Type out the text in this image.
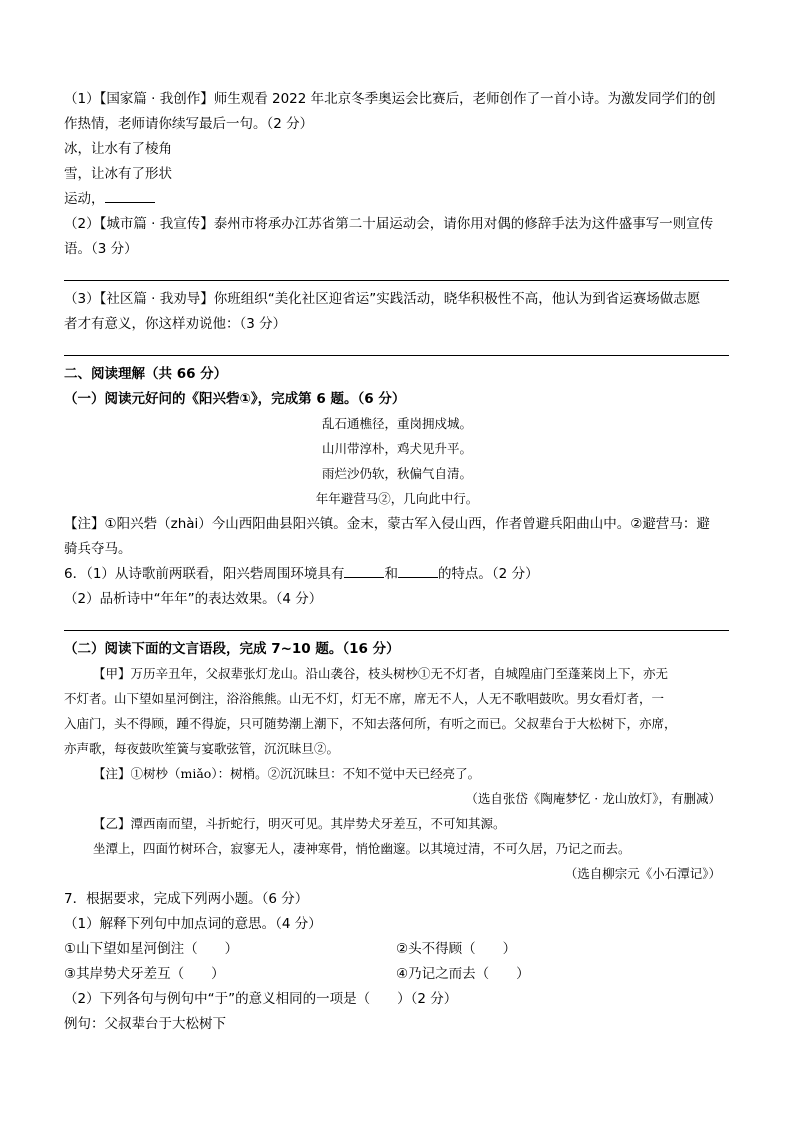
（1）【国家篇 · 我创作】师生观看 2022 年北京冬季奥运会比赛后，老师创作了一首小诗。为激发同学们的创
作热情，老师请你续写最后一句。（2 分）
冰，让水有了棱角
雪，让冰有了形状
运动，
（2）【城市篇 · 我宣传】泰州市将承办江苏省第二十届运动会，请你用对偶的修辞手法为这件盛事写一则宣传
语。（3 分）
（3）【社区篇 · 我劝导】你班组织“美化社区迎省运”实践活动，晓华积极性不高，他认为到省运赛场做志愿
者才有意义，你这样劝说他：（3 分）
二、阅读理解（共 66 分）
（一）阅读元好问的《阳兴砦①》，完成第 6 题。（6 分）
乱石通樵径，重岗拥戍城。
山川带淳朴，鸡犬见升平。
雨烂沙仍软，秋偏气自清。
年年避营马②，几向此中行。
【注】①阳兴砦（zhài）今山西阳曲县阳兴镇。金末，蒙古军入侵山西，作者曾避兵阳曲山中。②避营马：避
骑兵夺马。
6．（1）从诗歌前两联看，阳兴砦周围环境具有	和	的特点。（2 分）
（2）品析诗中“年年”的表达效果。（4 分）
（二）阅读下面的文言语段，完成 7~10 题。（16 分）
【甲】万历辛丑年，父叔辈张灯龙山。沿山袭谷，枝头树杪①无不灯者，自城隍庙门至蓬莱岗上下，亦无
不灯者。山下望如星河倒注，浴浴熊熊。山无不灯，灯无不席，席无不人，人无不歌唱鼓吹。男女看灯者，一
入庙门，头不得顾，踵不得旋，只可随势潮上潮下，不知去落何所，有听之而已。父叔辈台于大松树下，亦席，
亦声歌，每夜鼓吹笙簧与宴歌弦管，沉沉昧旦②。
【注】①树杪（miǎo）：树梢。②沉沉昧旦：不知不觉中天已经亮了。
（选自张岱《陶庵梦忆 · 龙山放灯》，有删减）
【乙】潭西南而望，斗折蛇行，明灭可见。其岸势犬牙差互，不可知其源。
坐潭上，四面竹树环合，寂寥无人，凄神寒骨，悄怆幽邃。以其境过清，不可久居，乃记之而去。
（选自柳宗元《小石潭记》）
7．根据要求，完成下列两小题。（6 分）
（1）解释下列句中加点词的意思。（4 分）
①山下望如星河倒注（　　）	②头不得顾（　　）
③其岸势犬牙差互（　　）	④乃记之而去（　　）
（2）下列各句与例句中“于”的意义相同的一项是（　　）（2 分）
例句：父叔辈台于大松树下
